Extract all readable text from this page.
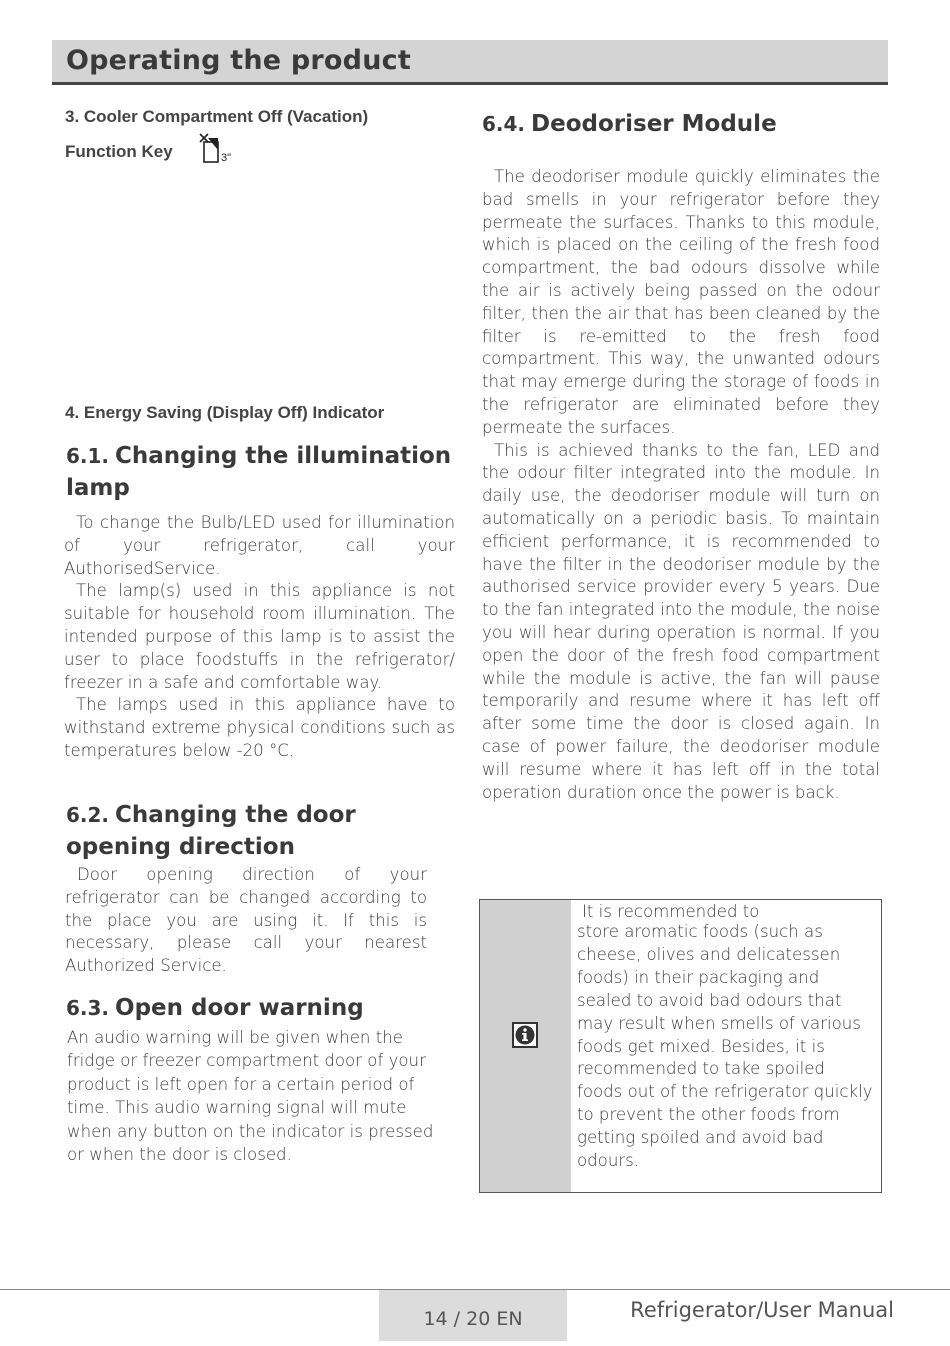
Operating the product

3. Cooler Compartment Off (Vacation)

Function Key	3"

4. Energy Saving (Display Off) Indicator

6.1. Changing the illumination lamp

To change the Bulb/LED used for illumination of your refrigerator, call your AuthorisedService.

The lamp(s) used in this appliance is not suitable for household room illumination. The intended purpose of this lamp is to assist the user to place foodstuffs in the refrigerator/ freezer in a safe and comfortable way.

The lamps used in this appliance have to withstand extreme physical conditions such as temperatures below -20 °C.

6.2. Changing the door
opening direction

Door opening direction of your refrigerator can be changed according to the place you are using it. If this is necessary, please call your nearest Authorized Service.

6.3. Open door warning

An audio warning will be given when the fridge or freezer compartment door of your product is left open for a certain period of time. This audio warning signal will mute when any button on the indicator is pressed or when the door is closed.

6.4. Deodoriser Module

The deodoriser module quickly eliminates the bad smells in your refrigerator before they permeate the surfaces. Thanks to this module, which is placed on the ceiling of the fresh food compartment, the bad odours dissolve while the air is actively being passed on the odour filter, then the air that has been cleaned by the filter is re-emitted to the fresh food compartment. This way, the unwanted odours that may emerge during the storage of foods in the refrigerator are eliminated before they permeate the surfaces.

This is achieved thanks to the fan, LED and the odour filter integrated into the module. In daily use, the deodoriser module will turn on automatically on a periodic basis. To maintain efficient performance, it is recommended to have the filter in the deodoriser module by the authorised service provider every 5 years. Due to the fan integrated into the module, the noise you will hear during operation is normal. If you open the door of the fresh food compartment while the module is active, the fan will pause temporarily and resume where it has left off after some time the door is closed again. In case of power failure, the deodoriser module will resume where it has left off in the total operation duration once the power is back.

It is recommended to
store aromatic foods (such as cheese, olives and delicatessen foods) in their packaging and sealed to avoid bad odours that may result when smells of various foods get mixed. Besides, it is recommended to take spoiled foods out of the refrigerator quickly to prevent the other foods from getting spoiled and avoid bad odours.
14 / 20 EN	Refrigerator/User Manual
